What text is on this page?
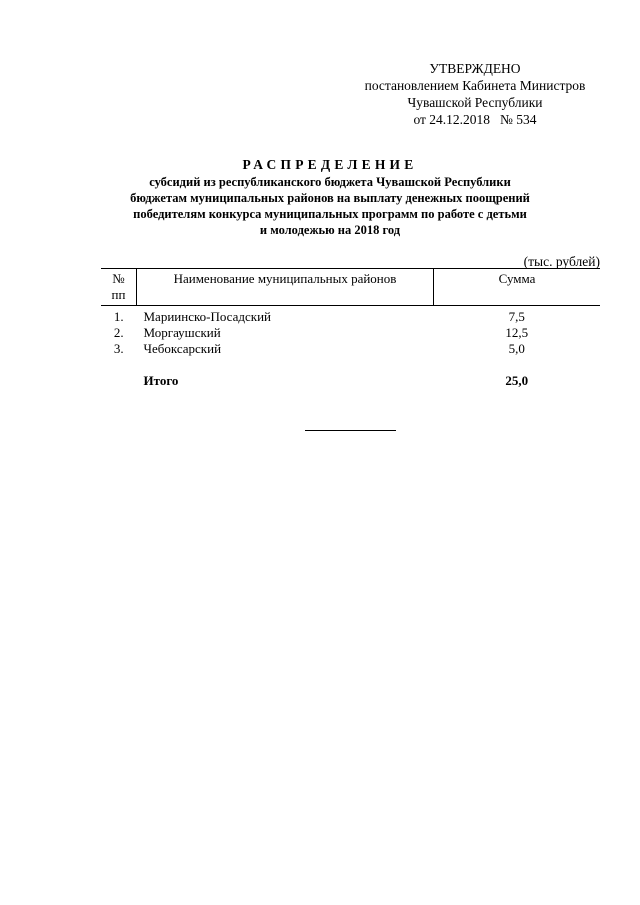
УТВЕРЖДЕНО
постановлением Кабинета Министров
Чувашской Республики
от 24.12.2018 № 534
РАСПРЕДЕЛЕНИЕ
субсидий из республиканского бюджета Чувашской Республики
бюджетам муниципальных районов на выплату денежных поощрений
победителям конкурса муниципальных программ по работе с детьми
и молодежью на 2018 год
(тыс. рублей)
№
пп	Наименование муниципальных районов	Сумма
1.	Мариинско-Посадский	7,5
2.	Моргаушский	12,5
3.	Чебоксарский	5,0

	Итого	25,0
